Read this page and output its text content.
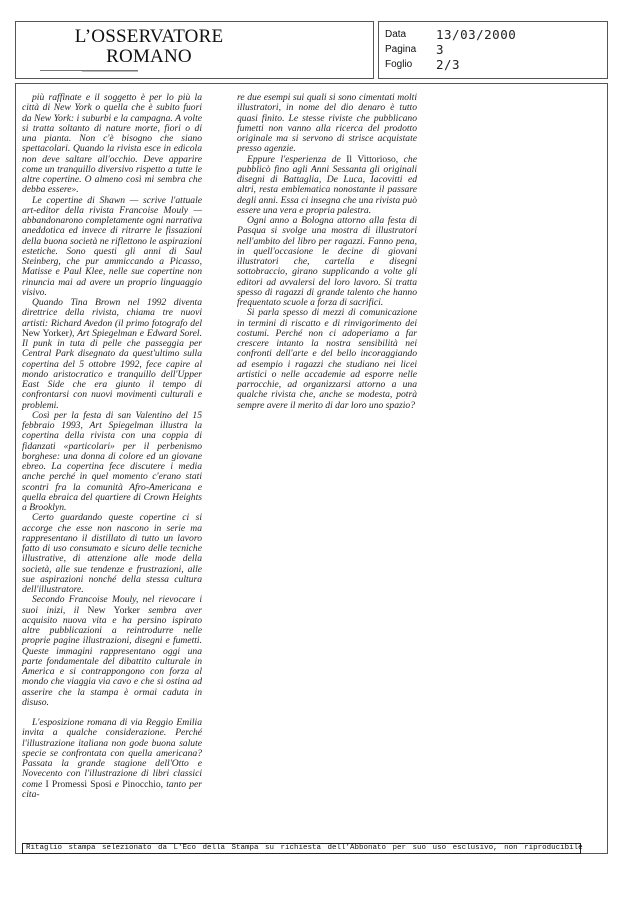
L’OSSERVATORE
ROMANO
Data	13/03/2000
Pagina	3
Foglio	2/3

più raffinate e il soggetto è per lo più la città di New York o quella che è subito fuori da New York: i suburbi e la campagna. A volte si tratta soltanto di nature morte, fiori o di una pianta. Non c'è bisogno che siano spettacolari. Quando la rivista esce in edicola non deve saltare all'occhio. Deve apparire come un tranquillo diversivo rispetto a tutte le altre copertine. O almeno così mi sembra che debba essere».

Le copertine di Shawn — scrive l'attuale art-editor della rivista Francoise Mouly — abbandonarono completamente ogni narrativa aneddotica ed invece di ritrarre le fissazioni della buona società ne riflettono le aspirazioni estetiche. Sono questi gli anni di Saul Steinberg, che pur ammiccando a Picasso, Matisse e Paul Klee, nelle sue copertine non rinuncia mai ad avere un proprio linguaggio visivo.

Quando Tina Brown nel 1992 diventa direttrice della rivista, chiama tre nuovi artisti: Richard Avedon (il primo fotografo del New Yorker), Art Spiegelman e Edward Sorel. Il punk in tuta di pelle che passeggia per Central Park disegnato da quest'ultimo sulla copertina del 5 ottobre 1992, fece capire al mondo aristocratico e tranquillo dell'Upper East Side che era giunto il tempo di confrontarsi con nuovi movimenti culturali e problemi.

Così per la festa di san Valentino del 15 febbraio 1993, Art Spiegelman illustra la copertina della rivista con una coppia di fidanzati «particolari» per il perbenismo borghese: una donna di colore ed un giovane ebreo. La copertina fece discutere i media anche perché in quel momento c'erano stati scontri fra la comunità Afro-Americana e quella ebraica del quartiere di Crown Heights a Brooklyn.

Certo guardando queste copertine ci si accorge che esse non nascono in serie ma rappresentano il distillato di tutto un lavoro fatto di uso consumato e sicuro delle tecniche illustrative, di attenzione alle mode della società, alle sue tendenze e frustrazioni, alle sue aspirazioni nonché della stessa cultura dell'illustratore.

Secondo Francoise Mouly, nel rievocare i suoi inizi, il New Yorker sembra aver acquisito nuova vita e ha persino ispirato altre pubblicazioni a reintrodurre nelle proprie pagine illustrazioni, disegni e fumetti. Queste immagini rappresentano oggi una parte fondamentale del dibattito culturale in America e si contrappongono con forza al mondo che viaggia via cavo e che si ostina ad asserire che la stampa è ormai caduta in disuso.

L'esposizione romana di via Reggio Emilia invita a qualche considerazione. Perché l'illustrazione italiana non gode buona salute specie se confrontata con quella americana? Passata la grande stagione dell'Otto e Novecento con l'illustrazione di libri classici come I Promessi Sposi e Pinocchio, tanto per cita-

re due esempi sui quali si sono cimentati molti illustratori, in nome del dio denaro è tutto quasi finito. Le stesse riviste che pubblicano fumetti non vanno alla ricerca del prodotto originale ma si servono di strisce acquistate presso agenzie.

Eppure l'esperienza de Il Vittorioso, che pubblicò fino agli Anni Sessanta gli originali disegni di Battaglia, De Luca, Iacovitti ed altri, resta emblematica nonostante il passare degli anni. Essa ci insegna che una rivista può essere una vera e propria palestra.

Ogni anno a Bologna attorno alla festa di Pasqua si svolge una mostra di illustratori nell'ambito del libro per ragazzi. Fanno pena, in quell'occasione le decine di giovani illustratori che, cartella e disegni sottobraccio, girano supplicando a volte gli editori ad avvalersi del loro lavoro. Si tratta spesso di ragazzi di grande talento che hanno frequentato scuole a forza di sacrifici.

Si parla spesso di mezzi di comunicazione in termini di riscatto e di rinvigorimento dei costumi. Perché non ci adoperiamo a far crescere intanto la nostra sensibilità nei confronti dell'arte e del bello incoraggiando ad esempio i ragazzi che studiano nei licei artistici o nelle accademie ad esporre nelle parrocchie, ad organizzarsi attorno a una qualche rivista che, anche se modesta, potrà sempre avere il merito di dar loro uno spazio?

Ritaglio stampa selezionato da L'Eco della Stampa su richiesta dell'Abbonato per suo uso esclusivo, non riproducibile
